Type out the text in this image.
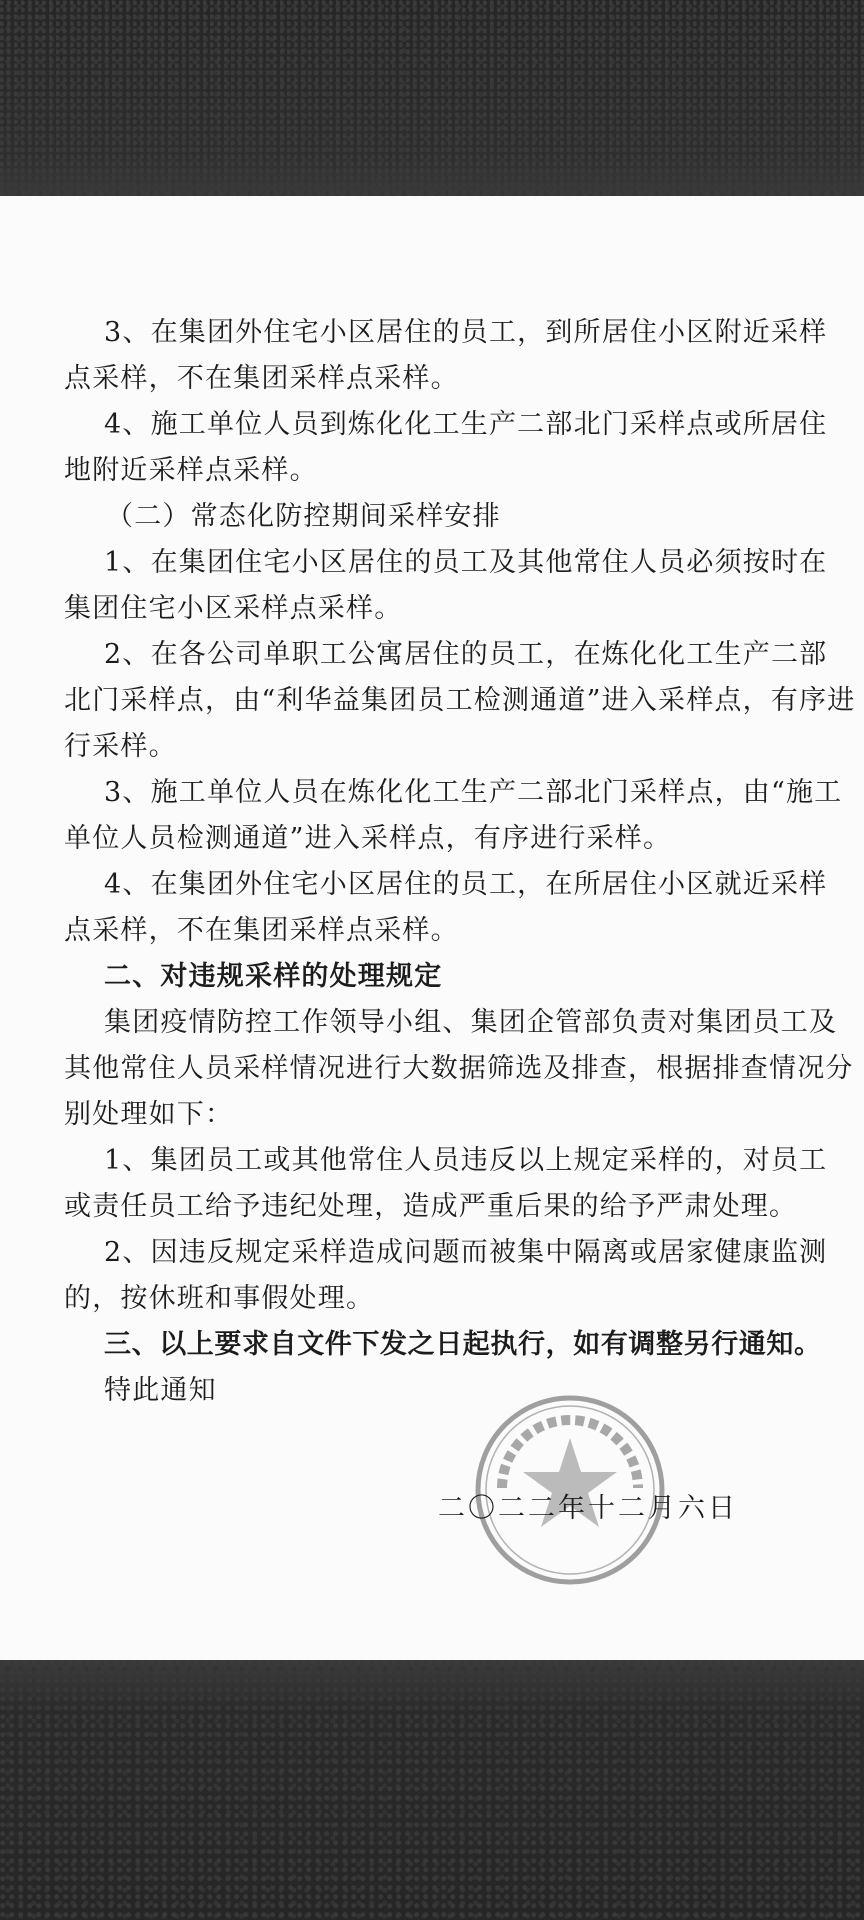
3、在集团外住宅小区居住的员工，到所居住小区附近采样
点采样，不在集团采样点采样。
4、施工单位人员到炼化化工生产二部北门采样点或所居住
地附近采样点采样。
（二）常态化防控期间采样安排
1、在集团住宅小区居住的员工及其他常住人员必须按时在
集团住宅小区采样点采样。
2、在各公司单职工公寓居住的员工，在炼化化工生产二部
北门采样点，由“利华益集团员工检测通道”进入采样点，有序进
行采样。
3、施工单位人员在炼化化工生产二部北门采样点，由“施工
单位人员检测通道”进入采样点，有序进行采样。
4、在集团外住宅小区居住的员工，在所居住小区就近采样
点采样，不在集团采样点采样。
二、对违规采样的处理规定
集团疫情防控工作领导小组、集团企管部负责对集团员工及
其他常住人员采样情况进行大数据筛选及排查，根据排查情况分
别处理如下：
1、集团员工或其他常住人员违反以上规定采样的，对员工
或责任员工给予违纪处理，造成严重后果的给予严肃处理。
2、因违反规定采样造成问题而被集中隔离或居家健康监测
的，按休班和事假处理。
三、以上要求自文件下发之日起执行，如有调整另行通知。
特此通知
二〇二二年十二月六日
